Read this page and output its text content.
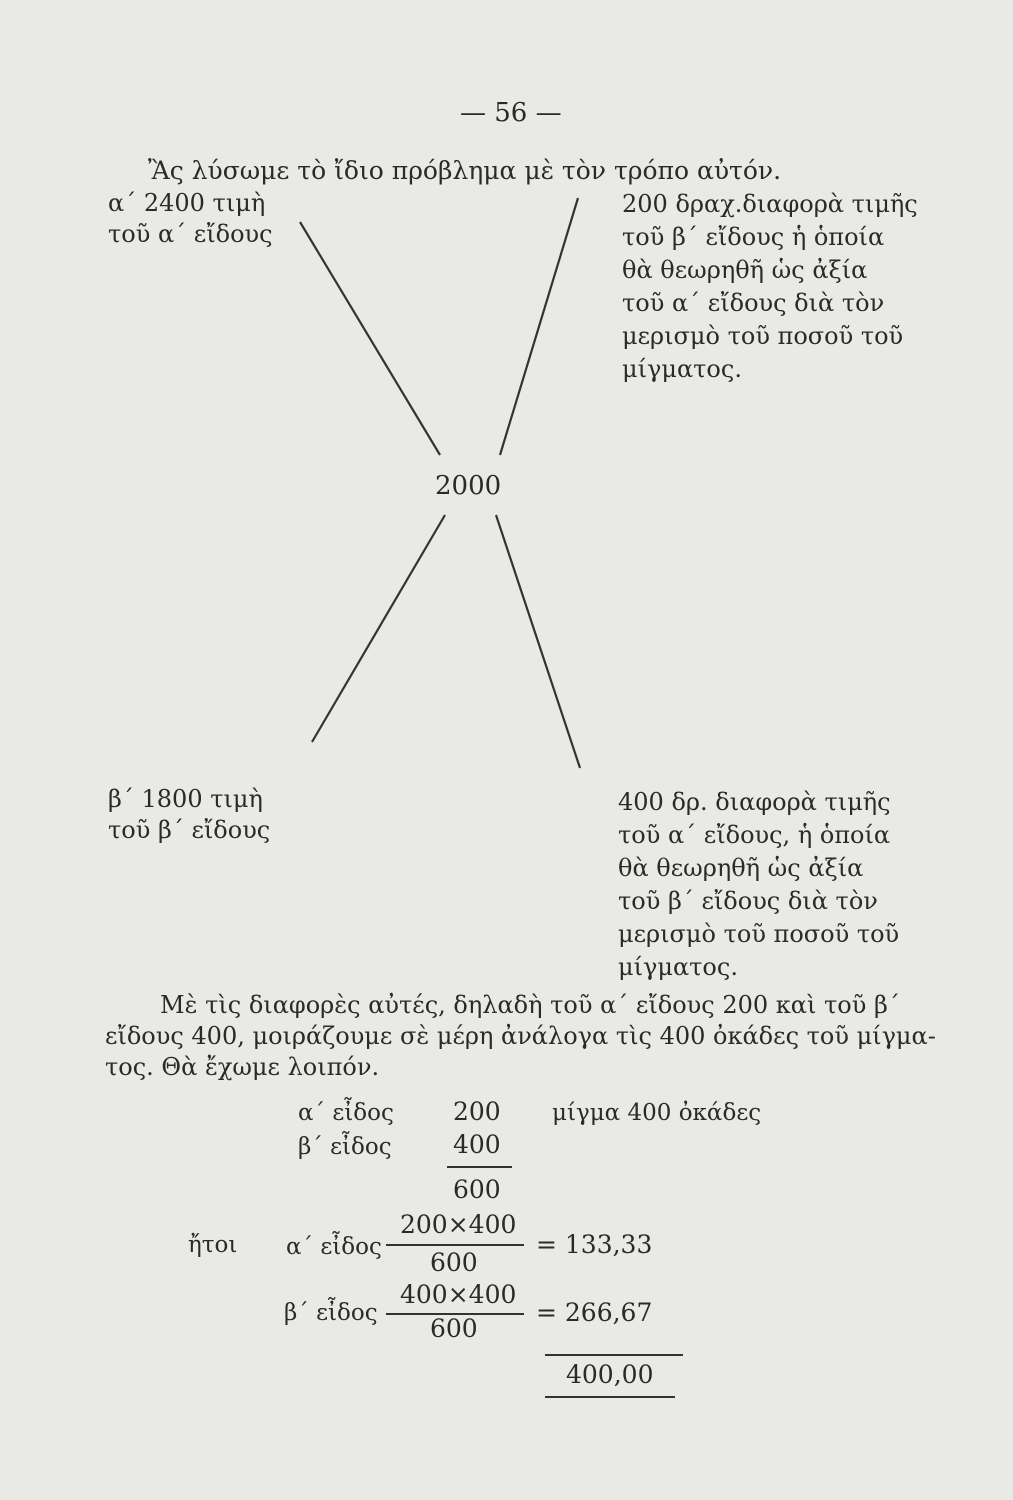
— 56 —
Ἂς λύσωμε τὸ ἴδιο πρόβλημα μὲ τὸν τρόπο αὐτόν.
α΄ 2400 τιμὴ
τοῦ α΄ εἴδους
200 δραχ.διαφορὰ τιμῆς
τοῦ β΄ εἴδους ἡ ὁποία
θὰ θεωρηθῆ ὡς ἀξία
τοῦ α΄ εἴδους διὰ τὸν
μερισμὸ τοῦ ποσοῦ τοῦ
μίγματος.
2000
β΄ 1800 τιμὴ
τοῦ β΄ εἴδους
400 δρ. διαφορὰ τιμῆς
τοῦ α΄ εἴδους, ἡ ὁποία
θὰ θεωρηθῆ ὡς ἀξία
τοῦ β΄ εἴδους διὰ τὸν
μερισμὸ τοῦ ποσοῦ τοῦ
μίγματος.
Μὲ τὶς διαφορὲς αὐτές, δηλαδὴ τοῦ α΄ εἴδους 200 καὶ τοῦ β΄
εἴδους 400, μοιράζουμε σὲ μέρη ἀνάλογα τὶς 400 ὀκάδες τοῦ μίγμα-
τος. Θὰ ἔχωμε λοιπόν.
α΄ εἶδος 200 μίγμα 400 ὀκάδες
β΄ εἶδος 400
600
ἤτοι α΄ εἶδος
200×400
600
= 133,33
β΄ εἶδος
400×400
600
= 266,67
400,00
